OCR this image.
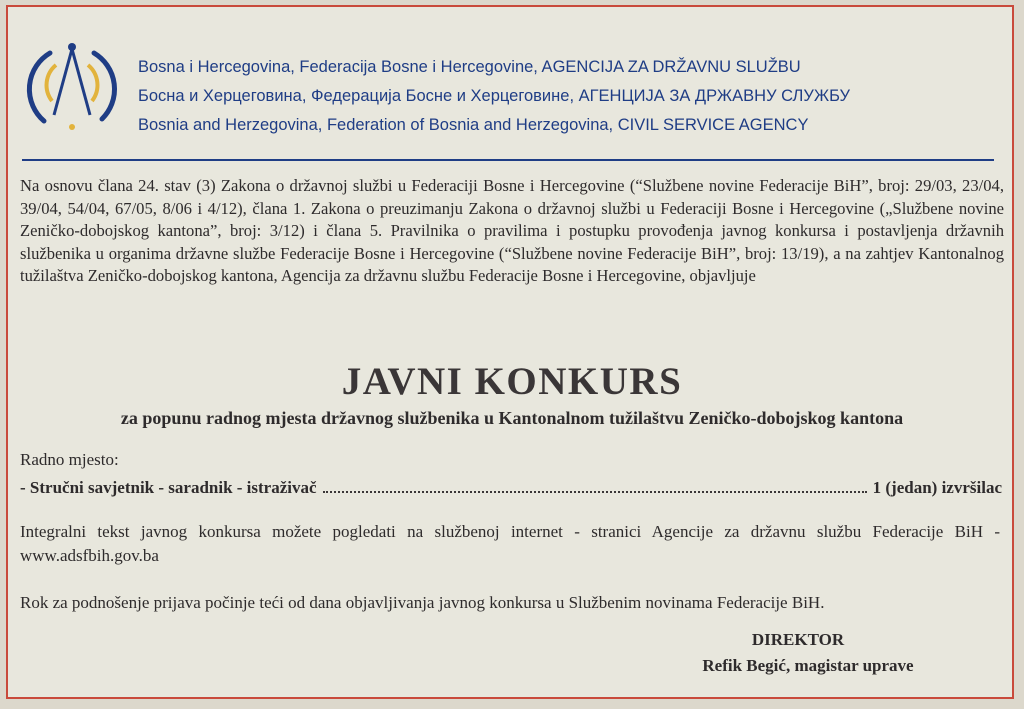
Bosna i Hercegovina, Federacija Bosne i Hercegovine, AGENCIJA ZA DRŽAVNU SLUŽBU
Босна и Херцеговина, Федерација Босне и Херцеговине, АГЕНЦИЈА ЗА ДРЖАВНУ СЛУЖБУ
Bosnia and Herzegovina, Federation of Bosnia and Herzegovina, CIVIL SERVICE AGENCY
Na osnovu člana 24. stav (3) Zakona o državnoj službi u Federaciji Bosne i Hercegovine (“Službene novine Federacije BiH”, broj: 29/03, 23/04, 39/04, 54/04, 67/05, 8/06 i 4/12), člana 1. Zakona o preuzimanju Zakona o državnoj službi u Federaciji Bosne i Hercegovine („Službene novine Zeničko-dobojskog kantona”, broj: 3/12) i člana 5. Pravilnika o pravilima i postupku provođenja javnog konkursa i postavljenja državnih službenika u organima državne službe Federacije Bosne i Hercegovine (“Službene novine Federacije BiH”, broj: 13/19), a na zahtjev Kantonalnog tužilaštva Zeničko-dobojskog kantona, Agencija za državnu službu Federacije Bosne i Hercegovine, objavljuje
JAVNI KONKURS
za popunu radnog mjesta državnog službenika u Kantonalnom tužilaštvu Zeničko-dobojskog kantona
Radno mjesto:
- Stručni savjetnik - saradnik - istraživač	1 (jedan) izvršilac
Integralni tekst javnog konkursa možete pogledati na službenoj internet - stranici Agencije za državnu službu Federacije BiH - www.adsfbih.gov.ba
Rok za podnošenje prijava počinje teći od dana objavljivanja javnog konkursa u Službenim novinama Federacije BiH.
DIREKTOR
Refik Begić, magistar uprave
